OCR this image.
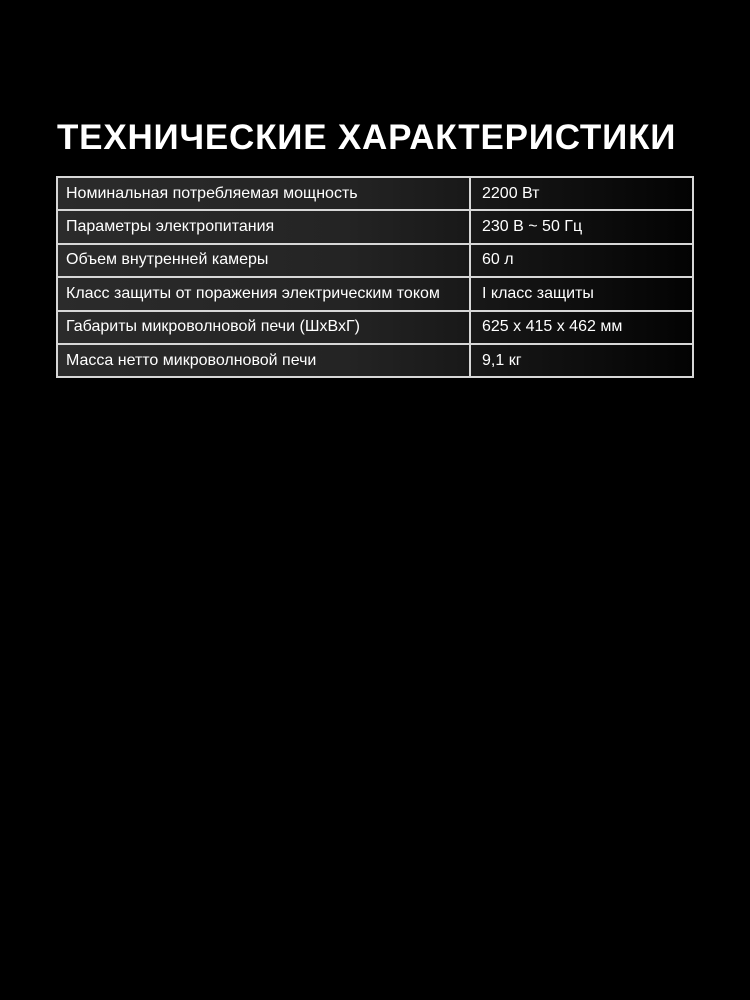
ТЕХНИЧЕСКИЕ ХАРАКТЕРИСТИКИ
Номинальная потребляемая мощность	2200 Вт
Параметры электропитания	230 В ~ 50 Гц
Объем внутренней камеры	60 л
Класс защиты от поражения электрическим током	I класс защиты
Габариты микроволновой печи (ШхВхГ)	625 x 415 x 462 мм
Масса нетто микроволновой печи	9,1 кг
